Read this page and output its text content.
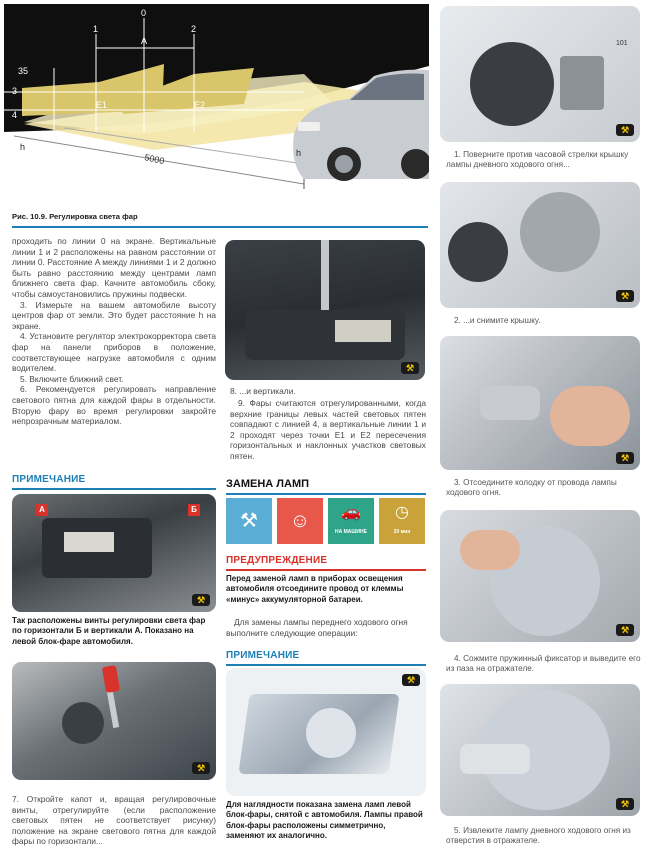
0
A
1	2
35
3
4
h
h
E1	E2
5000
Рис. 10.9. Регулировка света фар

проходить по линии 0 на экране. Вертикальные линии 1 и 2 расположены на равном расстоянии от линии 0. Расстояние A между линиями 1 и 2 должно быть равно расстоянию между центрами ламп ближнего света фар. Качните автомобиль сбоку, чтобы самоустановились пружины подвески.

3. Измерьте на вашем автомобиле высоту центров фар от земли. Это будет расстояние h на экране.

4. Установите регулятор электрокорректора света фар на панели приборов в положение, соответствующее нагрузке автомобиля с одним водителем.

5. Включите ближний свет.

6. Рекомендуется регулировать направление светового пятна для каждой фары в отдельности. Вторую фару во время регулировки закройте непрозрачным материалом.

ПРИМЕЧАНИЕ
А	Б
⚒
Так расположены винты регулировки света фар по горизонтали Б и вертикали А. Показано на левой блок-фаре автомобиля.
⚒
7. Откройте капот и, вращая регулировочные винты, отрегулируйте (если расположение световых пятен не соответствует рисунку) положение на экране светового пятна для каждой фары по горизонтали...
⚒
8. ...и вертикали.
9. Фары считаются отрегулированными, когда верхние границы левых частей световых пятен совпадают с линией 4, а вертикальные линии 1 и 2 проходят через точки E1 и E2 пересечения горизонтальных и наклонных участков световых пятен.
ЗАМЕНА ЛАМП
⚒	☺	🚗
НА МАШИНЕ
◷
20 мин
ПРЕДУПРЕЖДЕНИЕ
Перед заменой ламп в приборах освещения автомобиля отсоедините провод от клеммы «минус» аккумуляторной батареи.
Для замены лампы переднего ходового огня выполните следующие операции:
ПРИМЕЧАНИЕ
⚒
Для наглядности показана замена ламп левой блок-фары, снятой с автомобиля. Лампы правой блок-фары расположены симметрично, заменяют их аналогично.
101
⚒
1. Поверните против часовой стрелки крышку лампы дневного ходового огня...
⚒
2. ...и снимите крышку.
⚒
3. Отсоедините колодку от провода лампы ходового огня.
⚒
4. Сожмите пружинный фиксатор и выведите его из паза на отражателе.
⚒
5. Извлеките лампу дневного ходового огня из отверстия в отражателе.
